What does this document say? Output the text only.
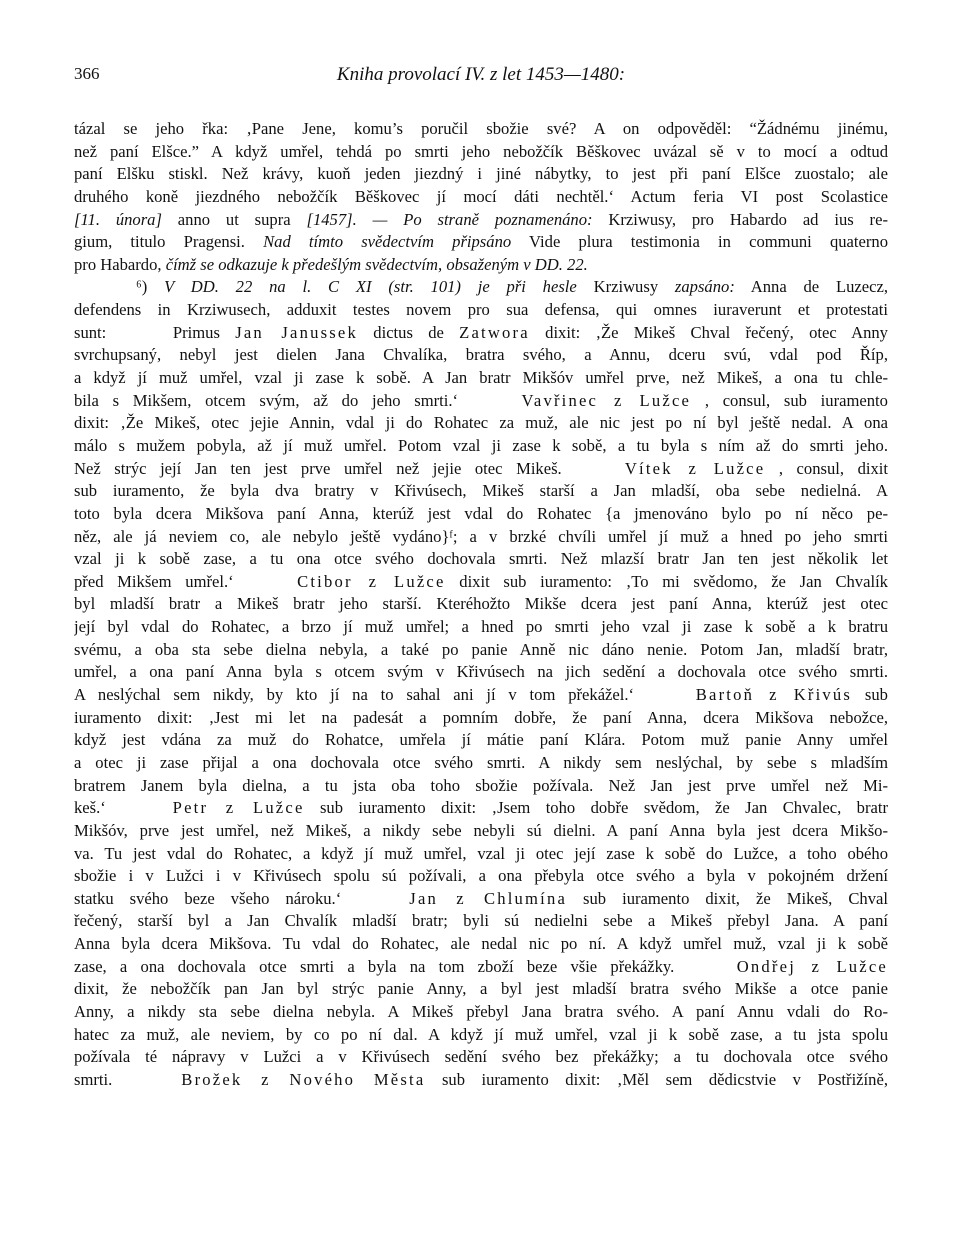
366	Kniha provolací IV. z let 1453—1480:
tázal se jeho řka: ‚Pane Jene, komu’s poručil sbožie své? A on odpověděl: “Žádnému jinému,
než paní Elšce.” A když umřel, tehdá po smrti jeho nebožčík Běškovec uvázal sě v to mocí a odtud
paní Elšku stiskl. Než krávy, kuoň jeden jiezdný i jiné nábytky, to jest při paní Elšce zuostalo; ale
druhého koně jiezdného nebožčík Běškovec jí mocí dáti nechtěl.‘ Actum feria VI post Scolastice
[11. února] anno ut supra [1457]. — Po straně poznamenáno: Krziwusy, pro Habardo ad ius re-
gium, titulo Pragensi. Nad tímto svědectvím připsáno Vide plura testimonia in communi quaterno
pro Habardo, čímž se odkazuje k předešlým svědectvím, obsaženým v DD. 22.
⁶) V DD. 22 na l. C XI (str. 101) je při hesle Krziwusy zapsáno: Anna de Luzecz,
defendens in Krziwusech, adduxit testes novem pro sua defensa, qui omnes iuraverunt et protestati
sunt:	Primus Jan Janussek dictus de Zatwora dixit: ‚Že Mikeš Chval řečený, otec Anny
svrchupsaný, nebyl jest dielen Jana Chvalíka, bratra svého, a Annu, dceru svú, vdal pod Říp,
a když jí muž umřel, vzal ji zase k sobě. A Jan bratr Mikšóv umřel prve, než Mikeš, a ona tu chle-
bila s Mikšem, otcem svým, až do jeho smrti.‘	Vavřinec z Lužce , consul, sub iuramento
dixit: ‚Že Mikeš, otec jejie Annin, vdal ji do Rohatec za muž, ale nic jest po ní byl ještě nedal. A ona
málo s mužem pobyla, až jí muž umřel. Potom vzal ji zase k sobě, a tu byla s ním až do smrti jeho.
Než strýc její Jan ten jest prve umřel než jejie otec Mikeš.	Vítek z Lužce , consul, dixit
sub iuramento, že byla dva bratry v Křivúsech, Mikeš starší a Jan mladší, oba sebe nedielná. A
toto byla dcera Mikšova paní Anna, kterúž jest vdal do Rohatec {a jmenováno bylo po ní něco pe-
něz, ale já neviem co, ale nebylo ještě vydáno}ᶠ; a v brzké chvíli umřel jí muž a hned po jeho smrti
vzal ji k sobě zase, a tu ona otce svého dochovala smrti. Než mlazší bratr Jan ten jest několik let
před Mikšem umřel.‘	Ctibor z Lužce dixit sub iuramento: ‚To mi svědomo, že Jan Chvalík
byl mladší bratr a Mikeš bratr jeho starší. Kteréhožto Mikše dcera jest paní Anna, kterúž jest otec
její byl vdal do Rohatec, a brzo jí muž umřel; a hned po smrti jeho vzal ji zase k sobě a k bratru
svému, a oba sta sebe dielna nebyla, a také po panie Anně nic dáno nenie. Potom Jan, mladší bratr,
umřel, a ona paní Anna byla s otcem svým v Křivúsech na jich sedění a dochovala otce svého smrti.
A neslýchal sem nikdy, by kto jí na to sahal ani jí v tom překážel.‘	Bartoň z Křivús sub
iuramento dixit: ‚Jest mi let na padesát a pomním dobře, že paní Anna, dcera Mikšova nebožce,
když jest vdána za muž do Rohatce, umřela jí mátie paní Klára. Potom muž panie Anny umřel
a otec ji zase přijal a ona dochovala otce svého smrti. A nikdy sem neslýchal, by sebe s mladším
bratrem Janem byla dielna, a tu jsta oba toho sbožie požívala. Než Jan jest prve umřel než Mi-
keš.‘	Petr z Lužce sub iuramento dixit: ‚Jsem toho dobře svědom, že Jan Chvalec, bratr
Mikšóv, prve jest umřel, než Mikeš, a nikdy sebe nebyli sú dielni. A paní Anna byla jest dcera Mikšo-
va. Tu jest vdal do Rohatec, a když jí muž umřel, vzal ji otec její zase k sobě do Lužce, a toho obého
sbožie i v Lužci i v Křivúsech spolu sú požívali, a ona přebyla otce svého a byla v pokojném držení
statku svého beze všeho nároku.‘	Jan z Chlumína sub iuramento dixit, že Mikeš, Chval
řečený, starší byl a Jan Chvalík mladší bratr; byli sú nedielni sebe a Mikeš přebyl Jana. A paní
Anna byla dcera Mikšova. Tu vdal do Rohatec, ale nedal nic po ní. A když umřel muž, vzal ji k sobě
zase, a ona dochovala otce smrti a byla na tom zboží beze všie překážky.	Ondřej z Lužce
dixit, že nebožčík pan Jan byl strýc panie Anny, a byl jest mladší bratra svého Mikše a otce panie
Anny, a nikdy sta sebe dielna nebyla. A Mikeš přebyl Jana bratra svého. A paní Annu vdali do Ro-
hatec za muž, ale neviem, by co po ní dal. A když jí muž umřel, vzal ji k sobě zase, a tu jsta spolu
požívala té nápravy v Lužci a v Křivúsech sedění svého bez překážky; a tu dochovala otce svého
smrti.	Brožek z Nového Města sub iuramento dixit: ‚Měl sem dědicstvie v Postřižíně,
